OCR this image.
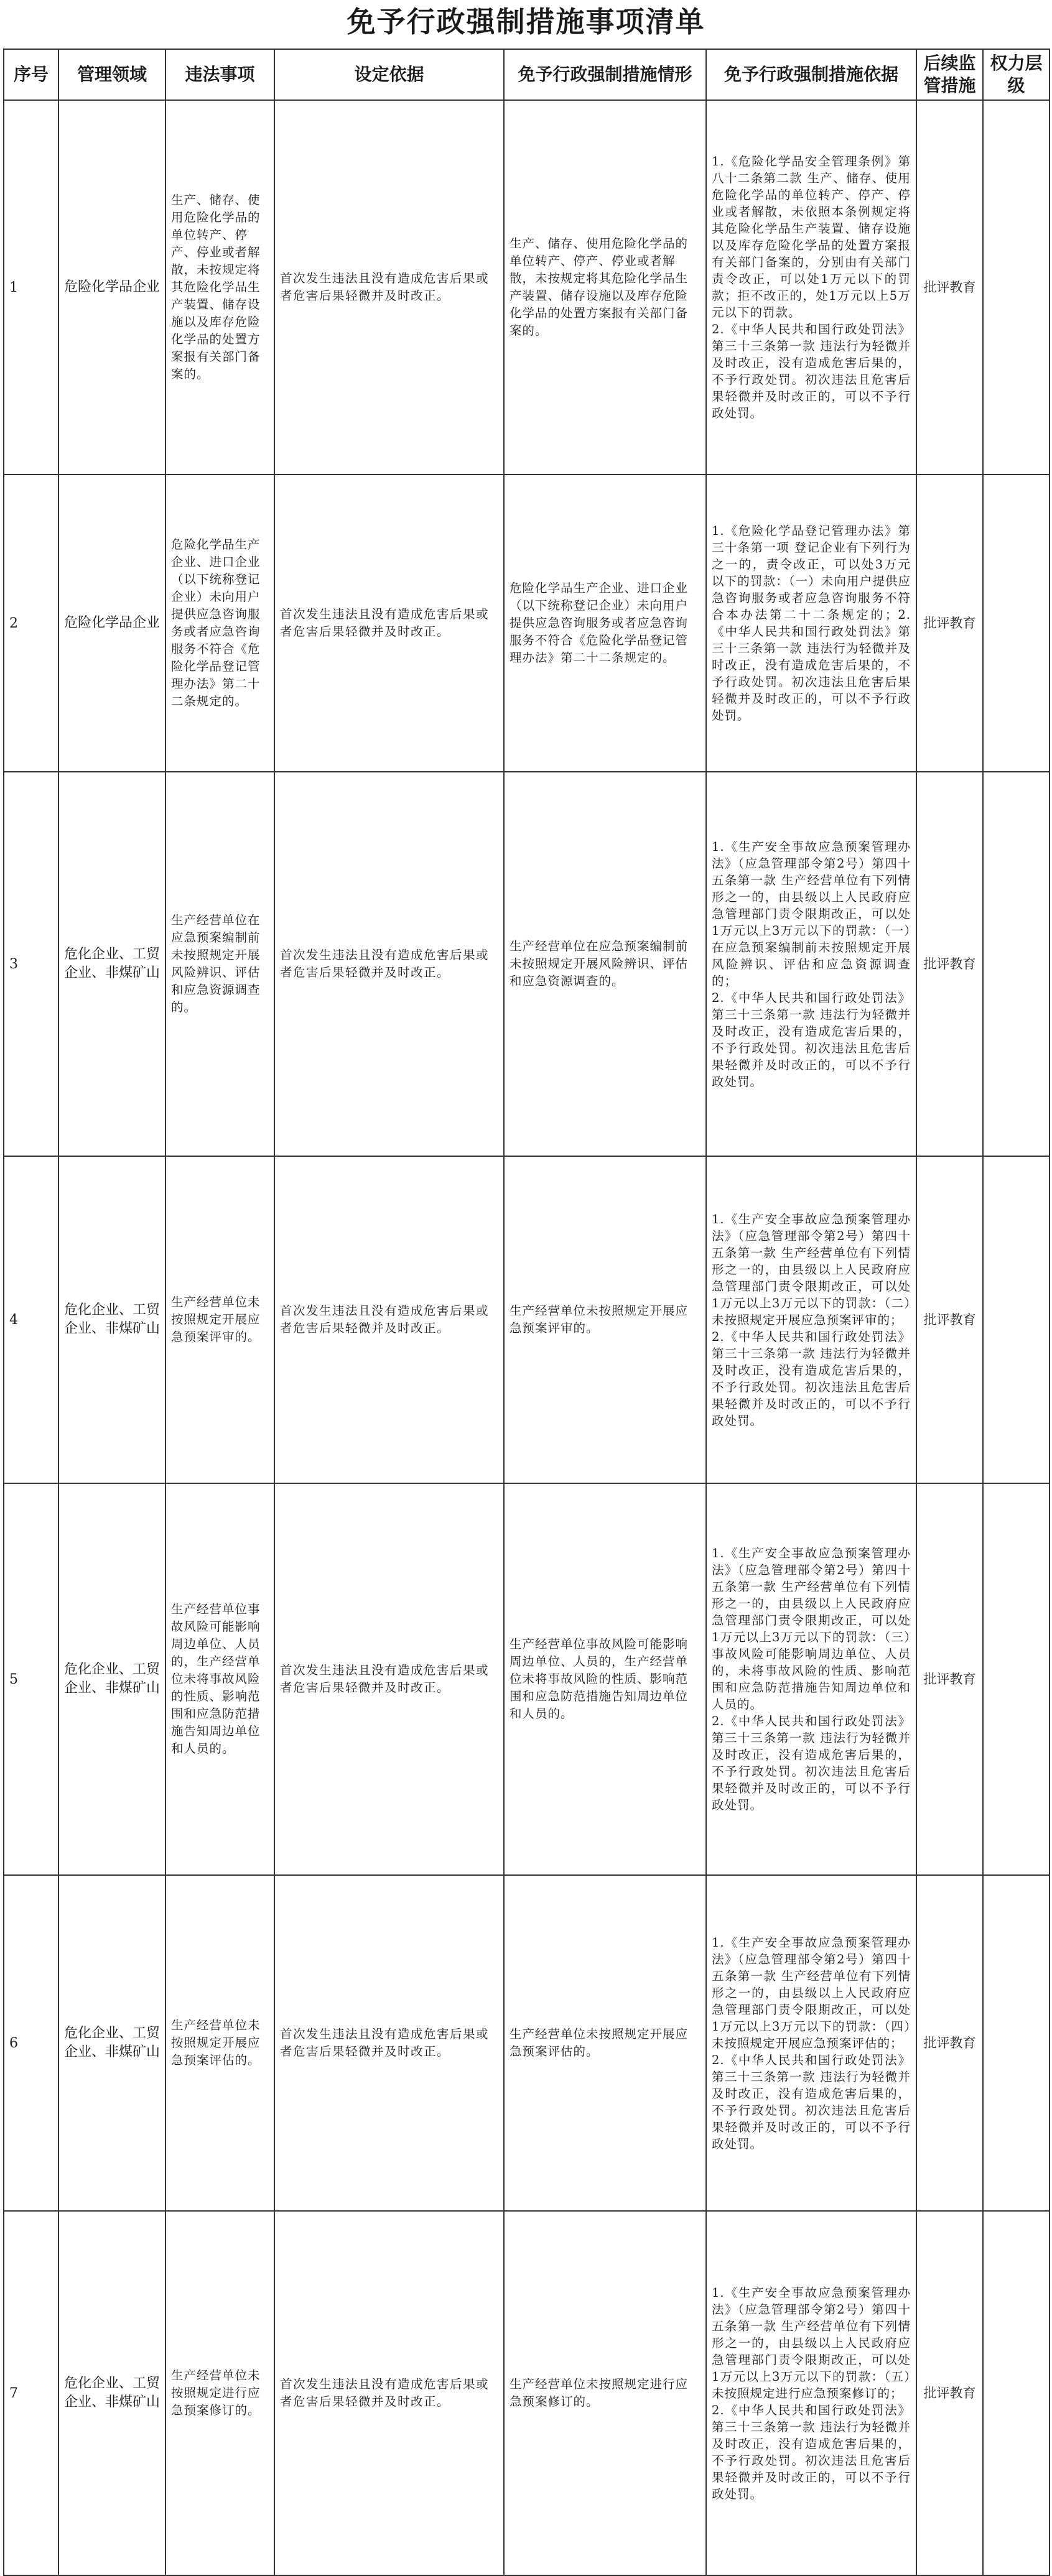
免予行政强制措施事项清单
序号	管理领域	违法事项	设定依据	免予行政强制措施情形	免予行政强制措施依据	后续监管措施	权力层级
1	危险化学品企业	生产、储存、使用危险化学品的单位转产、停产、停业或者解散，未按规定将其危险化学品生产装置、储存设施以及库存危险化学品的处置方案报有关部门备案的。	首次发生违法且没有造成危害后果或者危害后果轻微并及时改正。	生产、储存、使用危险化学品的单位转产、停产、停业或者解散，未按规定将其危险化学品生产装置、储存设施以及库存危险化学品的处置方案报有关部门备案的。	1.《危险化学品安全管理条例》第八十二条第二款 生产、储存、使用危险化学品的单位转产、停产、停业或者解散，未依照本条例规定将其危险化学品生产装置、储存设施以及库存危险化学品的处置方案报有关部门备案的，分别由有关部门责令改正，可以处1万元以下的罚款；拒不改正的，处1万元以上5万元以下的罚款。
2.《中华人民共和国行政处罚法》第三十三条第一款 违法行为轻微并及时改正，没有造成危害后果的，不予行政处罚。初次违法且危害后果轻微并及时改正的，可以不予行政处罚。	批评教育	
2	危险化学品企业	危险化学品生产企业、进口企业（以下统称登记企业）未向用户提供应急咨询服务或者应急咨询服务不符合《危险化学品登记管理办法》第二十二条规定的。	首次发生违法且没有造成危害后果或者危害后果轻微并及时改正。	危险化学品生产企业、进口企业（以下统称登记企业）未向用户提供应急咨询服务或者应急咨询服务不符合《危险化学品登记管理办法》第二十二条规定的。	1.《危险化学品登记管理办法》第三十条第一项 登记企业有下列行为之一的，责令改正，可以处3万元以下的罚款：（一）未向用户提供应急咨询服务或者应急咨询服务不符合本办法第二十二条规定的；2.《中华人民共和国行政处罚法》第三十三条第一款 违法行为轻微并及时改正，没有造成危害后果的，不予行政处罚。初次违法且危害后果轻微并及时改正的，可以不予行政处罚。	批评教育	
3	危化企业、工贸企业、非煤矿山	生产经营单位在应急预案编制前未按照规定开展风险辨识、评估和应急资源调查的。	首次发生违法且没有造成危害后果或者危害后果轻微并及时改正。	生产经营单位在应急预案编制前未按照规定开展风险辨识、评估和应急资源调查的。	1.《生产安全事故应急预案管理办法》（应急管理部令第2号）第四十五条第一款 生产经营单位有下列情形之一的，由县级以上人民政府应急管理部门责令限期改正，可以处1万元以上3万元以下的罚款：（一）在应急预案编制前未按照规定开展风险辨识、评估和应急资源调查的；
2.《中华人民共和国行政处罚法》第三十三条第一款 违法行为轻微并及时改正，没有造成危害后果的，不予行政处罚。初次违法且危害后果轻微并及时改正的，可以不予行政处罚。	批评教育	
4	危化企业、工贸企业、非煤矿山	生产经营单位未按照规定开展应急预案评审的。	首次发生违法且没有造成危害后果或者危害后果轻微并及时改正。	生产经营单位未按照规定开展应急预案评审的。	1.《生产安全事故应急预案管理办法》（应急管理部令第2号）第四十五条第一款 生产经营单位有下列情形之一的，由县级以上人民政府应急管理部门责令限期改正，可以处1万元以上3万元以下的罚款：（二）未按照规定开展应急预案评审的；
2.《中华人民共和国行政处罚法》第三十三条第一款 违法行为轻微并及时改正，没有造成危害后果的，不予行政处罚。初次违法且危害后果轻微并及时改正的，可以不予行政处罚。	批评教育	
5	危化企业、工贸企业、非煤矿山	生产经营单位事故风险可能影响周边单位、人员的，生产经营单位未将事故风险的性质、影响范围和应急防范措施告知周边单位和人员的。	首次发生违法且没有造成危害后果或者危害后果轻微并及时改正。	生产经营单位事故风险可能影响周边单位、人员的，生产经营单位未将事故风险的性质、影响范围和应急防范措施告知周边单位和人员的。	1.《生产安全事故应急预案管理办法》（应急管理部令第2号）第四十五条第一款 生产经营单位有下列情形之一的，由县级以上人民政府应急管理部门责令限期改正，可以处1万元以上3万元以下的罚款：（三）事故风险可能影响周边单位、人员的，未将事故风险的性质、影响范围和应急防范措施告知周边单位和人员的。
2.《中华人民共和国行政处罚法》第三十三条第一款 违法行为轻微并及时改正，没有造成危害后果的，不予行政处罚。初次违法且危害后果轻微并及时改正的，可以不予行政处罚。	批评教育	
6	危化企业、工贸企业、非煤矿山	生产经营单位未按照规定开展应急预案评估的。	首次发生违法且没有造成危害后果或者危害后果轻微并及时改正。	生产经营单位未按照规定开展应急预案评估的。	1.《生产安全事故应急预案管理办法》（应急管理部令第2号）第四十五条第一款 生产经营单位有下列情形之一的，由县级以上人民政府应急管理部门责令限期改正，可以处1万元以上3万元以下的罚款：（四）未按照规定开展应急预案评估的；
2.《中华人民共和国行政处罚法》第三十三条第一款 违法行为轻微并及时改正，没有造成危害后果的，不予行政处罚。初次违法且危害后果轻微并及时改正的，可以不予行政处罚。	批评教育	
7	危化企业、工贸企业、非煤矿山	生产经营单位未按照规定进行应急预案修订的。	首次发生违法且没有造成危害后果或者危害后果轻微并及时改正。	生产经营单位未按照规定进行应急预案修订的。	1.《生产安全事故应急预案管理办法》（应急管理部令第2号）第四十五条第一款 生产经营单位有下列情形之一的，由县级以上人民政府应急管理部门责令限期改正，可以处1万元以上3万元以下的罚款：（五）未按照规定进行应急预案修订的；
2.《中华人民共和国行政处罚法》第三十三条第一款 违法行为轻微并及时改正，没有造成危害后果的，不予行政处罚。初次违法且危害后果轻微并及时改正的，可以不予行政处罚。	批评教育	
